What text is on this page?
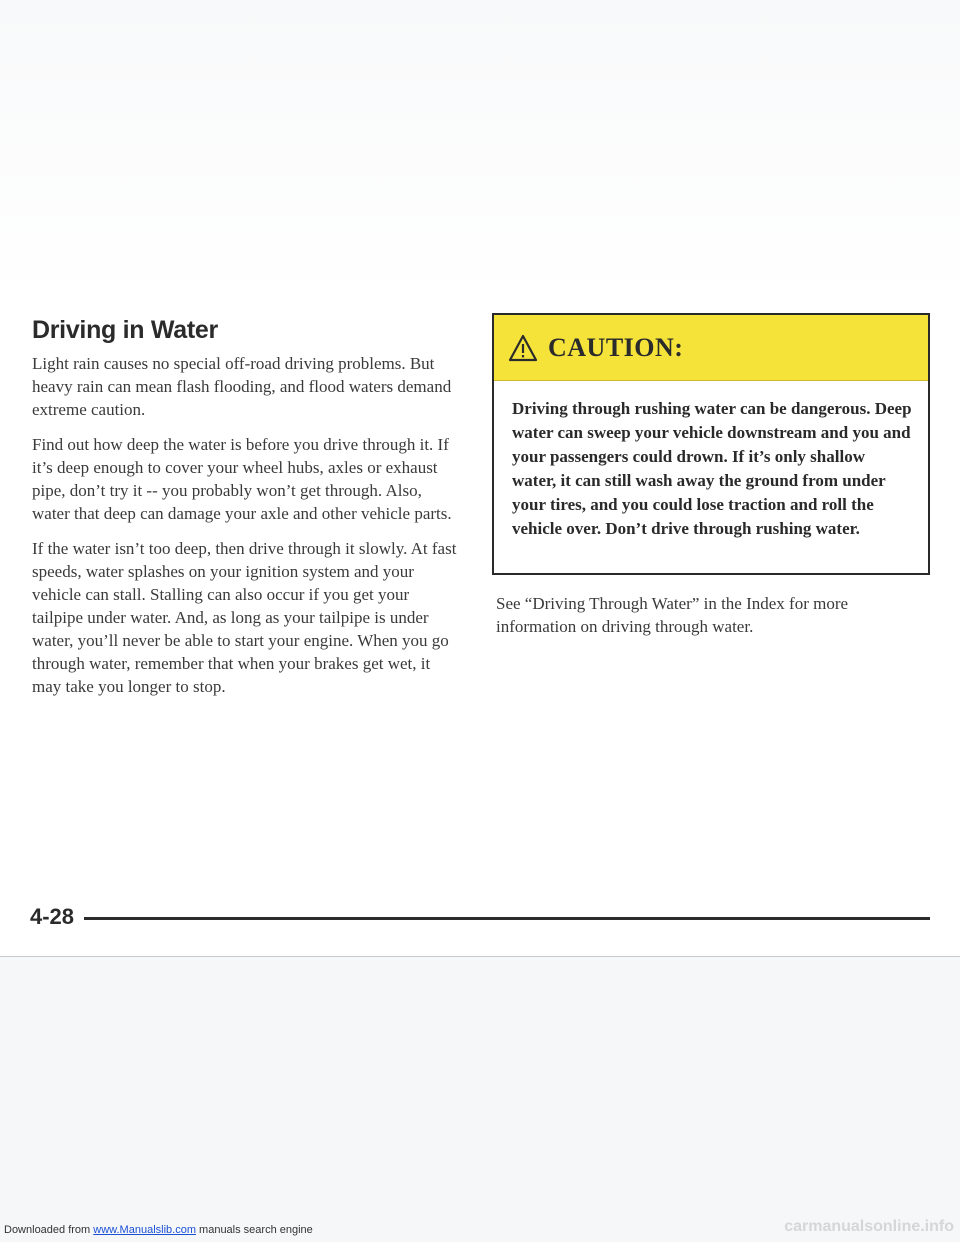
Driving in Water

Light rain causes no special off-road driving problems. But heavy rain can mean flash flooding, and flood waters demand extreme caution.

Find out how deep the water is before you drive through it. If it’s deep enough to cover your wheel hubs, axles or exhaust pipe, don’t try it -- you probably won’t get through. Also, water that deep can damage your axle and other vehicle parts.

If the water isn’t too deep, then drive through it slowly. At fast speeds, water splashes on your ignition system and your vehicle can stall. Stalling can also occur if you get your tailpipe under water. And, as long as your tailpipe is under water, you’ll never be able to start your engine. When you go through water, remember that when your brakes get wet, it may take you longer to stop.

CAUTION:

Driving through rushing water can be dangerous. Deep water can sweep your vehicle downstream and you and your passengers could drown. If it’s only shallow water, it can still wash away the ground from under your tires, and you could lose traction and roll the vehicle over. Don’t drive through rushing water.

See “Driving Through Water” in the Index for more information on driving through water.

4-28
Downloaded from www.Manualslib.com manuals search engine	carmanualsonline.info
